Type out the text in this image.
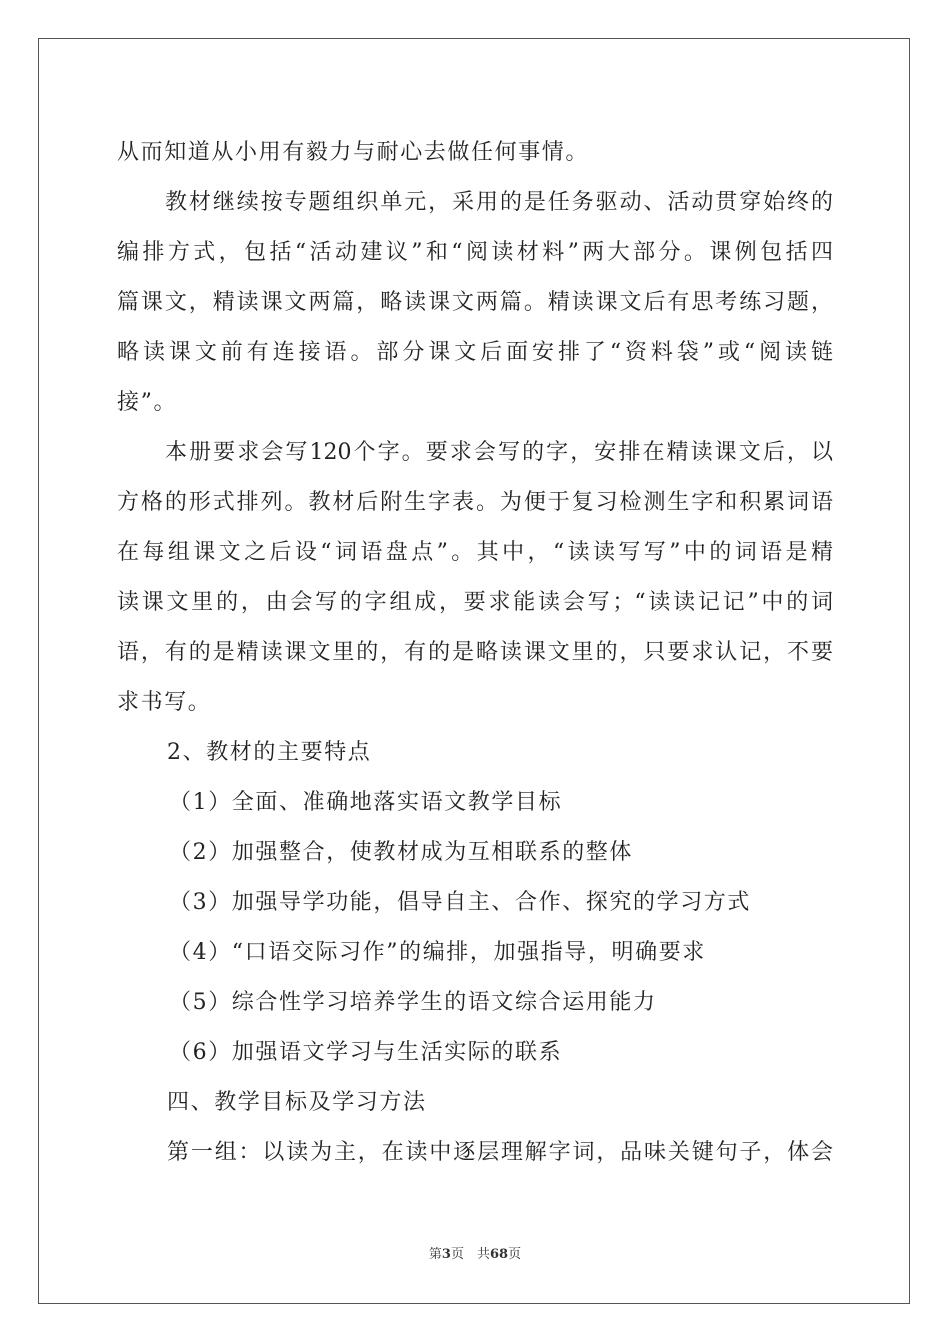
从而知道从小用有毅力与耐心去做任何事情。
教材继续按专题组织单元，采用的是任务驱动、活动贯穿始终的
编排方式，包括“活动建议”和“阅读材料”两大部分。课例包括四
篇课文，精读课文两篇，略读课文两篇。精读课文后有思考练习题，
略读课文前有连接语。部分课文后面安排了“资料袋”或“阅读链
接”。
本册要求会写120个字。要求会写的字，安排在精读课文后，以
方格的形式排列。教材后附生字表。为便于复习检测生字和积累词语
在每组课文之后设“词语盘点”。其中，“读读写写”中的词语是精
读课文里的，由会写的字组成，要求能读会写；“读读记记”中的词
语，有的是精读课文里的，有的是略读课文里的，只要求认记，不要
求书写。
2、教材的主要特点
（1）全面、准确地落实语文教学目标
（2）加强整合，使教材成为互相联系的整体
（3）加强导学功能，倡导自主、合作、探究的学习方式
（4）“口语交际习作”的编排，加强指导，明确要求
（5）综合性学习培养学生的语文综合运用能力
（6）加强语文学习与生活实际的联系
四、教学目标及学习方法
第一组：以读为主，在读中逐层理解字词，品味关键句子，体会
第3页　共68页
